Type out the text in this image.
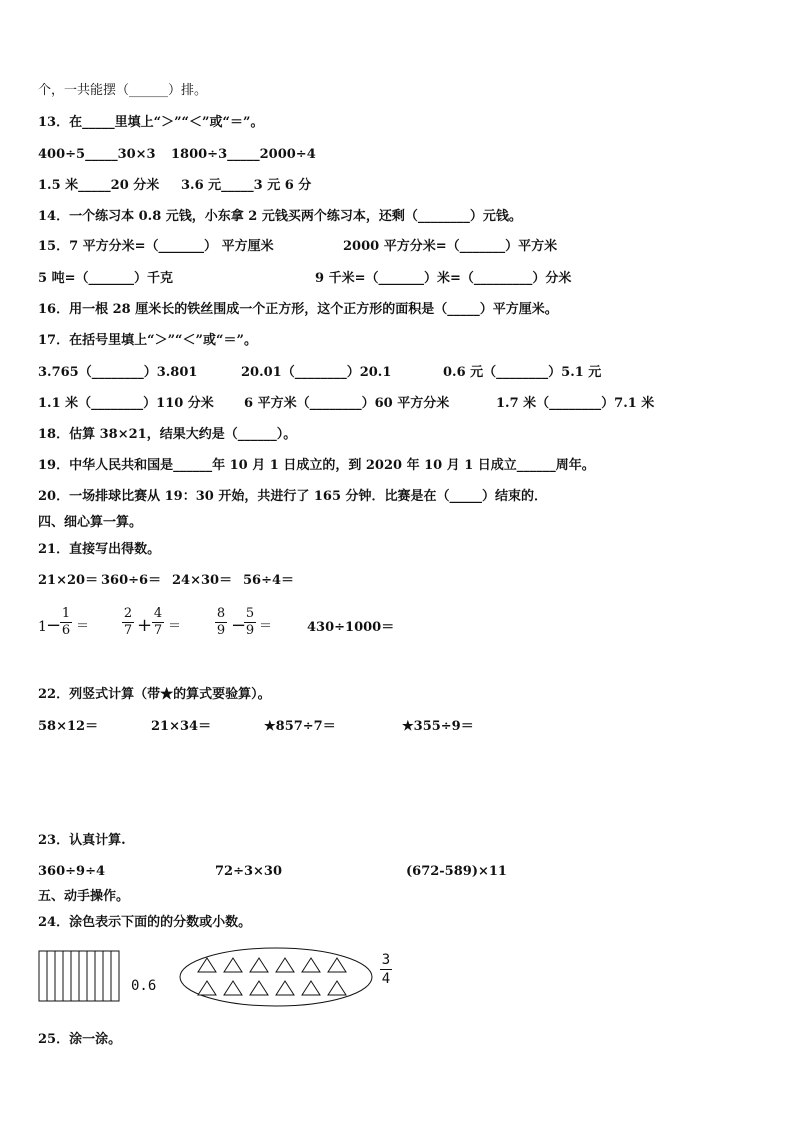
个，一共能摆（______）排。
13．在_____里填上“＞”“＜”或“＝”。
400÷5_____30×3 1800÷3_____2000÷4
1.5 米_____20 分米 3.6 元_____3 元 6 分
14．一个练习本 0.8 元钱，小东拿 2 元钱买两个练习本，还剩（________）元钱。
15．7 平方分米=（_______） 平方厘米	2000 平方分米=（_______）平方米
5 吨=（_______）千克	9 千米=（_______）米=（_________）分米
16．用一根 28 厘米长的铁丝围成一个正方形，这个正方形的面积是（_____）平方厘米。
17．在括号里填上“＞”“＜”或“＝”。
3.765（________）3.801	20.01（________）20.1	0.6 元（________）5.1 元
1.1 米（________）110 分米 6 平方米（________）60 平方分米	1.7 米（________）7.1 米
18．估算 38×21，结果大约是（______）。
19．中华人民共和国是______年 10 月 1 日成立的，到 2020 年 10 月 1 日成立______周年。
20．一场排球比赛从 19：30 开始，共进行了 165 分钟．比赛是在（_____）结束的．
四、细心算一算。
21．直接写出得数。
21×20＝ 360÷6＝ 24×30＝ 56÷4＝
1 −
1
6 ＝
2
7 +
4
7 ＝
8
9 −
5
9 ＝	430÷1000＝
22．列竖式计算（带★的算式要验算）。
58×12＝	21×34＝	★857÷7＝	★355÷9＝
23．认真计算.
360÷9÷4	72÷3×30	(672-589)×11
五、动手操作。
24．涂色表示下面的的分数或小数。
0.6
3
4
25．涂一涂。
